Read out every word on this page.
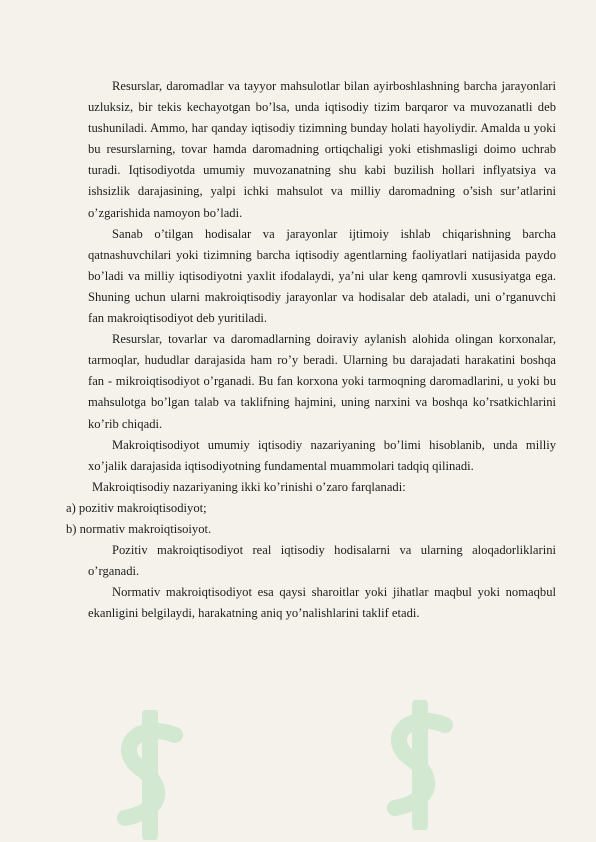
Resurslar, daromadlar va tayyor mahsulotlar bilan ayirboshlashning barcha jarayonlari uzluksiz, bir tekis kechayotgan bo’lsa, unda iqtisodiy tizim barqaror va muvozanatli deb tushuniladi. Ammo, har qanday iqtisodiy tizimning bunday holati hayoliydir. Amalda u yoki bu resurslarning, tovar hamda daromadning ortiqchaligi yoki etishmasligi doimo uchrab turadi. Iqtisodiyotda umumiy muvozanatning shu kabi buzilish hollari inflyatsiya va ishsizlik darajasining, yalpi ichki mahsulot va milliy daromadning o’sish sur’atlarini o’zgarishida namoyon bo’ladi.

Sanab o’tilgan hodisalar va jarayonlar ijtimoiy ishlab chiqarishning barcha qatnashuvchilari yoki tizimning barcha iqtisodiy agentlarning faoliyatlari natijasida paydo bo’ladi va milliy iqtisodiyotni yaxlit ifodalaydi, ya’ni ular keng qamrovli xususiyatga ega. Shuning uchun ularni makroiqtisodiy jarayonlar va hodisalar deb ataladi, uni o’rganuvchi fan makroiqtisodiyot deb yuritiladi.

Resurslar, tovarlar va daromadlarning doiraviy aylanish alohida olingan korxonalar, tarmoqlar, hududlar darajasida ham ro’y beradi. Ularning bu darajadati harakatini boshqa fan - mikroiqtisodiyot o’rganadi. Bu fan korxona yoki tarmoqning daromadlarini, u yoki bu mahsulotga bo’lgan talab va taklifning hajmini, uning narxini va boshqa ko’rsatkichlarini ko’rib chiqadi.

Makroiqtisodiyot umumiy iqtisodiy nazariyaning bo’limi hisoblanib, unda milliy xo’jalik darajasida iqtisodiyotning fundamental muammolari tadqiq qilinadi.

Makroiqtisodiy nazariyaning ikki ko’rinishi o’zaro farqlanadi:

a) pozitiv makroiqtisodiyot;

b) normativ makroiqtisoiyot.

Pozitiv makroiqtisodiyot real iqtisodiy hodisalarni va ularning aloqadorliklarini o’rganadi.

Normativ makroiqtisodiyot esa qaysi sharoitlar yoki jihatlar maqbul yoki nomaqbul ekanligini belgilaydi, harakatning aniq yo’nalishlarini taklif etadi.
